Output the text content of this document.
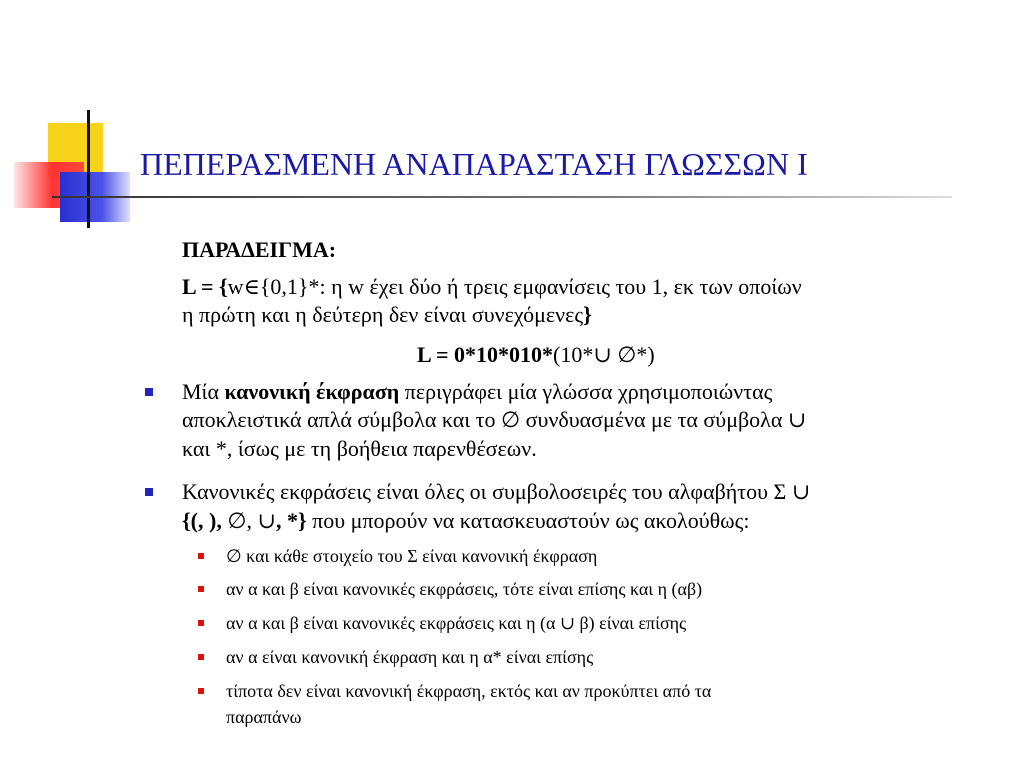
ΠΕΠΕΡΑΣΜΕΝΗ ΑΝΑΠΑΡΑΣΤΑΣΗ ΓΛΩΣΣΩΝ Ι
ΠΑΡΑΔΕΙΓΜΑ:
L = {w∈{0,1}*: η w έχει δύο ή τρεις εμφανίσεις του 1, εκ των οποίων
η πρώτη και η δεύτερη δεν είναι συνεχόμενες}
L = 0*10*010*(10*∪ ∅*)
Μία κανονική έκφραση περιγράφει μία γλώσσα χρησιμοποιώντας
αποκλειστικά απλά σύμβολα και το ∅ συνδυασμένα με τα σύμβολα ∪
και *, ίσως με τη βοήθεια παρενθέσεων.
Κανονικές εκφράσεις είναι όλες οι συμβολοσειρές του αλφαβήτου Σ ∪
{(, ), ∅, ∪, *} που μπορούν να κατασκευαστούν ως ακολούθως:
∅ και κάθε στοιχείο του Σ είναι κανονική έκφραση
αν α και β είναι κανονικές εκφράσεις, τότε είναι επίσης και η (αβ)
αν α και β είναι κανονικές εκφράσεις και η (α ∪ β) είναι επίσης
αν α είναι κανονική έκφραση και η α* είναι επίσης
τίποτα δεν είναι κανονική έκφραση, εκτός και αν προκύπτει από τα
παραπάνω
